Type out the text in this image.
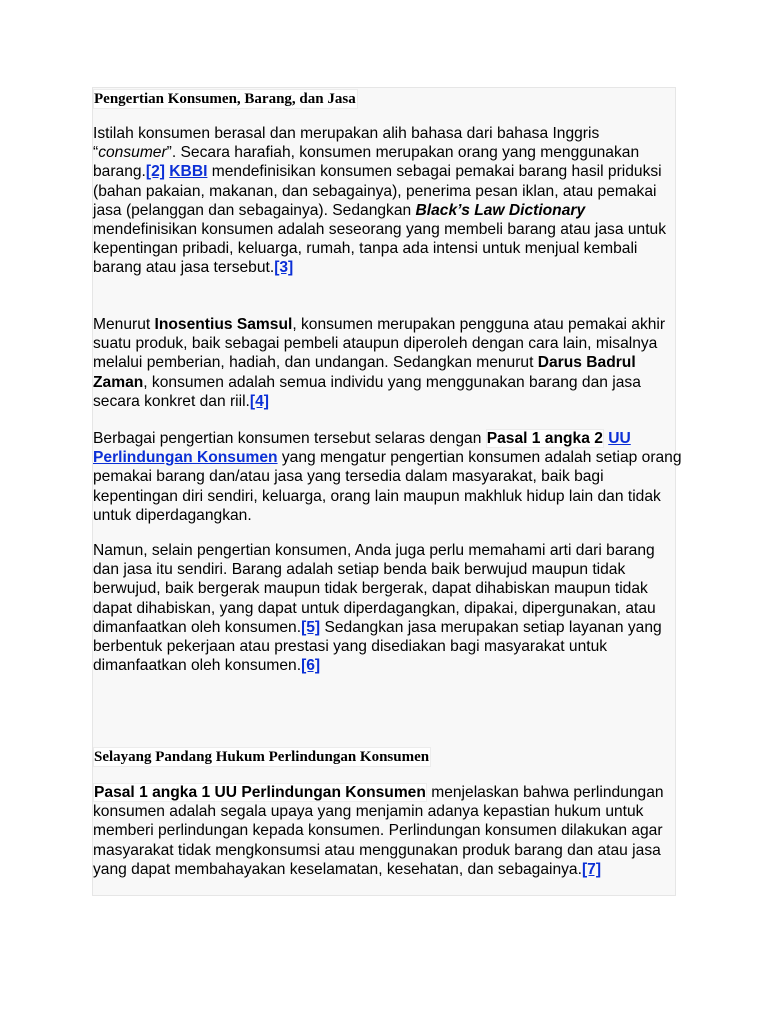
Pengertian Konsumen, Barang, dan Jasa

Istilah konsumen berasal dan merupakan alih bahasa dari bahasa Inggris “consumer”. Secara harafiah, konsumen merupakan orang yang menggunakan barang.[2] KBBI mendefinisikan konsumen sebagai pemakai barang hasil priduksi (bahan pakaian, makanan, dan sebagainya), penerima pesan iklan, atau pemakai jasa (pelanggan dan sebagainya). Sedangkan Black’s Law Dictionary mendefinisikan konsumen adalah seseorang yang membeli barang atau jasa untuk kepentingan pribadi, keluarga, rumah, tanpa ada intensi untuk menjual kembali barang atau jasa tersebut.[3]

Menurut Inosentius Samsul, konsumen merupakan pengguna atau pemakai akhir suatu produk, baik sebagai pembeli ataupun diperoleh dengan cara lain, misalnya melalui pemberian, hadiah, dan undangan. Sedangkan menurut Darus Badrul Zaman, konsumen adalah semua individu yang menggunakan barang dan jasa secara konkret dan riil.[4]

Berbagai pengertian konsumen tersebut selaras dengan Pasal 1 angka 2 UU Perlindungan Konsumen yang mengatur pengertian konsumen adalah setiap orang pemakai barang dan/atau jasa yang tersedia dalam masyarakat, baik bagi kepentingan diri sendiri, keluarga, orang lain maupun makhluk hidup lain dan tidak untuk diperdagangkan.

Namun, selain pengertian konsumen, Anda juga perlu memahami arti dari barang dan jasa itu sendiri. Barang adalah setiap benda baik berwujud maupun tidak berwujud, baik bergerak maupun tidak bergerak, dapat dihabiskan maupun tidak dapat dihabiskan, yang dapat untuk diperdagangkan, dipakai, dipergunakan, atau dimanfaatkan oleh konsumen.[5] Sedangkan jasa merupakan setiap layanan yang berbentuk pekerjaan atau prestasi yang disediakan bagi masyarakat untuk dimanfaatkan oleh konsumen.[6]

Selayang Pandang Hukum Perlindungan Konsumen

Pasal 1 angka 1 UU Perlindungan Konsumen menjelaskan bahwa perlindungan konsumen adalah segala upaya yang menjamin adanya kepastian hukum untuk memberi perlindungan kepada konsumen. Perlindungan konsumen dilakukan agar masyarakat tidak mengkonsumsi atau menggunakan produk barang dan atau jasa yang dapat membahayakan keselamatan, kesehatan, dan sebagainya.[7]
